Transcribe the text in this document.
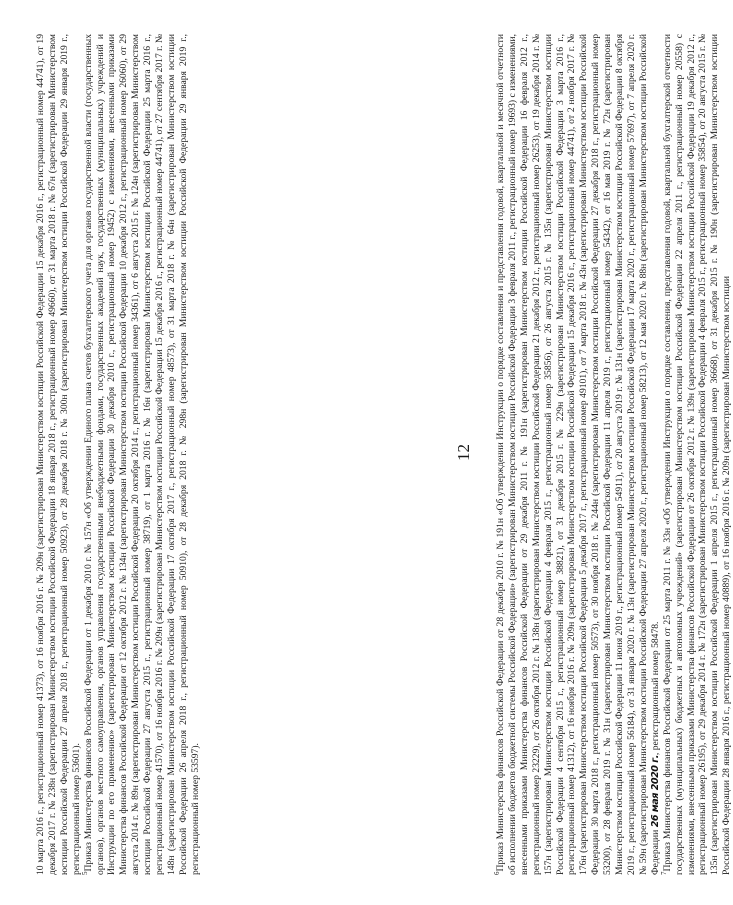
10 марта 2016 г., регистрационный номер 41373), от 16 ноября 2016 г. № 209н (зарегистрирован Министерством юстиции Российской Федерации 15 декабря 2016 г., регистрационный номер 44741), от 19 декабря 2017 г. № 238н (зарегистрирован Министерством юстиции Российской Федерации 18 января 2018 г., регистрационный номер 49660), от 31 марта 2018 г. № 67н (зарегистрирован Министерством юстиции Российской Федерации 27 апреля 2018 г., регистрационный номер 50923), от 28 декабря 2018 г. № 300н (зарегистрирован Министерством юстиции Российской Федерации 29 января 2019 г., регистрационный номер 53601).

$^5$Приказ Министерства финансов Российской Федерации от 1 декабря 2010 г. № 157н «Об утверждении Единого плана счетов бухгалтерского учета для органов государственной власти (государственных органов), органов местного самоуправления, органов управления государственными внебюджетными фондами, государственных академий наук, государственных (муниципальных) учреждений и Инструкции по его применению» (зарегистрирован Министерством юстиции Российской Федерации 30 декабря 2010 г., регистрационный номер 19452) с изменениями, внесенными приказами Министерства финансов Российской Федерации от 12 октября 2012 г. № 134н (зарегистрирован Министерством юстиции Российской Федерации 10 декабря 2012 г., регистрационный номер 26060), от 29 августа 2014 г. № 89н (зарегистрирован Министерством юстиции Российской Федерации 20 октября 2014 г., регистрационный номер 34361), от 6 августа 2015 г. № 124н (зарегистрирован Министерством юстиции Российской Федерации 27 августа 2015 г., регистрационный номер 38719), от 1 марта 2016 г. № 16н (зарегистрирован Министерством юстиции Российской Федерации 25 марта 2016 г., регистрационный номер 41570), от 16 ноября 2016 г. № 209н (зарегистрирован Министерством юстиции Российской Федерации 15 декабря 2016 г., регистрационный номер 44741), от 27 сентября 2017 г. № 148н (зарегистрирован Министерством юстиции Российской Федерации 17 октября 2017 г., регистрационный номер 48573), от 31 марта 2018 г. № 64н (зарегистрирован Министерством юстиции Российской Федерации 26 апреля 2018 г., регистрационный номер 50910), от 28 декабря 2018 г. № 298н (зарегистрирован Министерством юстиции Российской Федерации 29 января 2019 г., регистрационный номер 53597).

12

$^6$Приказ Министерства финансов Российской Федерации от 28 декабря 2010 г. № 191н «Об утверждении Инструкции о порядке составления и представления годовой, квартальной и месячной отчетности об исполнении бюджетов бюджетной системы Российской Федерации» (зарегистрирован Министерством юстиции Российской Федерации 3 февраля 2011 г., регистрационный номер 19693) с изменениями, внесенными приказами Министерства финансов Российской Федерации от 29 декабря 2011 г. № 191н (зарегистрирован Министерством юстиции Российской Федерации 16 февраля 2012 г., регистрационный номер 23229), от 26 октября 2012 г. № 138н (зарегистрирован Министерством юстиции Российской Федерации 21 декабря 2012 г., регистрационный номер 26253), от 19 декабря 2014 г. № 157н (зарегистрирован Министерством юстиции Российской Федерации 4 февраля 2015 г., регистрационный номер 35856), от 26 августа 2015 г. № 135н (зарегистрирован Министерством юстиции Российской Федерации 4 сентября 2015 г., регистрационный номер 38821), от 31 декабря 2015 г. № 229н (зарегистрирован Министерством юстиции Российской Федерации 3 марта 2016 г., регистрационный номер 41312), от 16 ноября 2016 г. № 209н (зарегистрирован Министерством юстиции Российской Федерации 15 декабря 2016 г., регистрационный номер 44741), от 2 ноября 2017 г. № 176н (зарегистрирован Министерством юстиции Российской Федерации 5 декабря 2017 г., регистрационный номер 49101), от 7 марта 2018 г. № 43н (зарегистрирован Министерством юстиции Российской Федерации 30 марта 2018 г., регистрационный номер 50573), от 30 ноября 2018 г. № 244н (зарегистрирован Министерством юстиции Российской Федерации 27 декабря 2018 г., регистрационный номер 53200), от 28 февраля 2019 г. № 31н (зарегистрирован Министерством юстиции Российской Федерации 11 апреля 2019 г., регистрационный номер 54342), от 16 мая 2019 г. № 72н (зарегистрирован Министерством юстиции Российской Федерации 11 июня 2019 г., регистрационный номер 54911), от 20 августа 2019 г. № 131н (зарегистрирован Министерством юстиции Российской Федерации 8 октября 2019 г., регистрационный номер 56184), от 31 января 2020 г. № 13н (зарегистрирован Министерством юстиции Российской Федерации 17 марта 2020 г., регистрационный номер 57697), от 7 апреля 2020 г. № 59н (зарегистрирован Министерством юстиции Российской Федерации 27 апреля 2020 г., регистрационный номер 58213), от 12 мая 2020 г. № 88н (зарегистрирован Министерством юстиции Российской Федерации 26 мая 2020 г., регистрационный номер 58478.

$^7$Приказ Министерства финансов Российской Федерации от 25 марта 2011 г. № 33н «Об утверждении Инструкции о порядке составления, представления годовой, квартальной бухгалтерской отчетности государственных (муниципальных) бюджетных и автономных учреждений» (зарегистрирован Министерством юстиции Российской Федерации 22 апреля 2011 г., регистрационный номер 20558) с изменениями, внесенными приказами Министерства финансов Российской Федерации от 26 октября 2012 г. № 139н (зарегистрирован Министерством юстиции Российской Федерации 19 декабря 2012 г., регистрационный номер 26195), от 29 декабря 2014 г. № 172н (зарегистрирован Министерством юстиции Российской Федерации 4 февраля 2015 г., регистрационный номер 35854), от 20 августа 2015 г. № 135н (зарегистрирован Министерством юстиции Российской Федерации 1 апреля 2015 г., регистрационный номер 36668), от 31 декабря 2015 г. № 190н (зарегистрирован Министерством юстиции Российской Федерации 28 января 2016 г., регистрационный номер 40889), от 16 ноября 2016 г. № 209н (зарегистрирован Министерством юстиции
